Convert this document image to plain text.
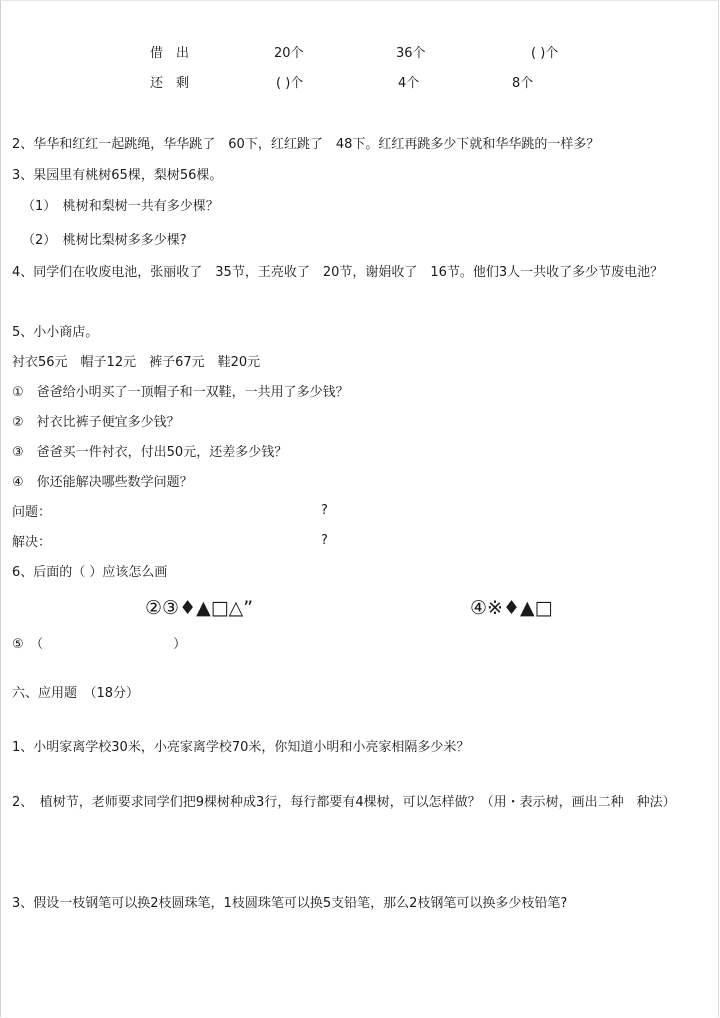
借　出	20个	36个	( )个
还　剩	( )个	4个	8个
2、华华和红红一起跳绳，华华跳了　60下，红红跳了　48下。红红再跳多少下就和华华跳的一样多？
3、果园里有桃树65棵，梨树56棵。
（1）　桃树和梨树一共有多少棵？
（2）　桃树比梨树多多少棵?
4、同学们在收废电池，张丽收了　35节，王亮收了　20节，谢娟收了　16节。他们3人一共收了多少节废电池？
5、小小商店。
衬衣56元　帽子12元　裤子67元　鞋20元
①　爸爸给小明买了一顶帽子和一双鞋，一共用了多少钱？
②　衬衣比裤子便宜多少钱？
③　爸爸买一件衬衣，付出50元，还差多少钱？
④　你还能解决哪些数学问题？
问题：	?
解决：	?
6、后面的（ ）应该怎么画
②③♦▲□△”	④※♦▲□
⑤　（　　　　　　　　　　）
六、应用题　（18分）
1、小明家离学校30米，小亮家离学校70米，你知道小明和小亮家相隔多少米？
2、　植树节，老师要求同学们把9棵树种成3行，每行都要有4棵树，可以怎样做？（用・表示树，画出二种　种法）
3、假设一枝钢笔可以换2枝圆珠笔，1枝圆珠笔可以换5支铅笔，那么2枝钢笔可以换多少枝铅笔?
